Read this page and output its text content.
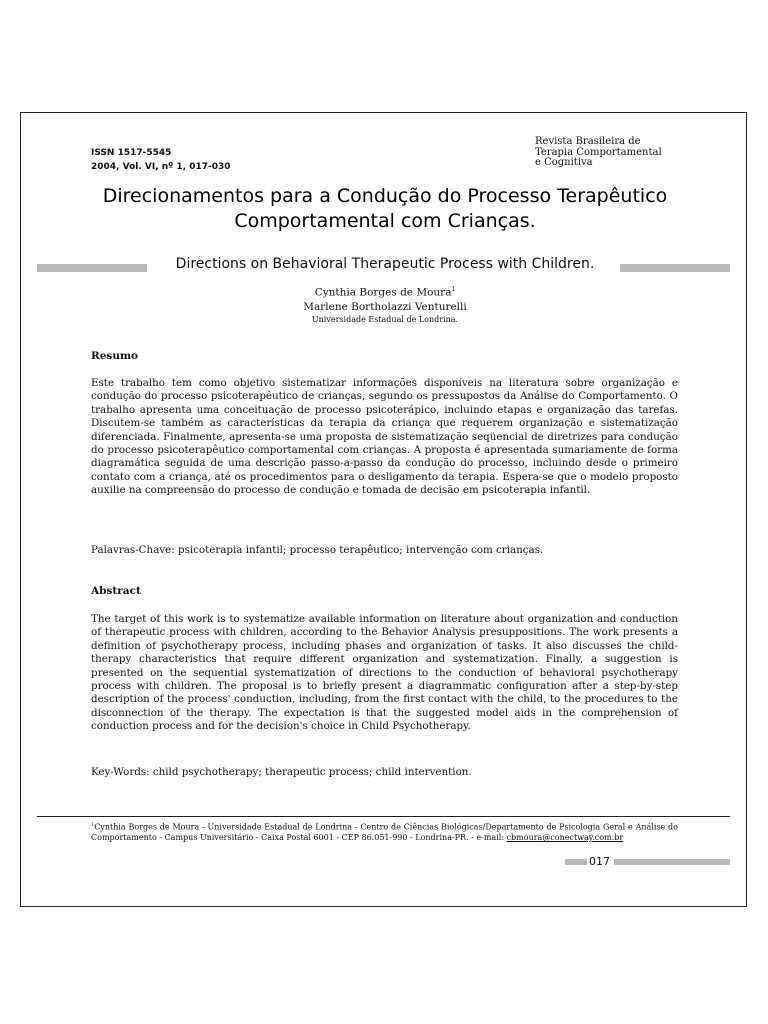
ISSN 1517-5545
2004, Vol. VI, nº 1, 017-030
Revista Brasileira de
Terapia Comportamental
e Cognitiva
Direcionamentos para a Condução do Processo Terapêutico
Comportamental com Crianças.
Directions on Behavioral Therapeutic Process with Children.
Cynthia Borges de Moura$^1$
Marlene Bortholazzi Venturelli
Universidade Estadual de Londrina.
Resumo

Este trabalho tem como objetivo sistematizar informações disponíveis na literatura sobre organização e condução do processo psicoterapêutico de crianças, segundo os pressupostos da Análise do Comportamento. O trabalho apresenta uma conceituação de processo psicoterápico, incluindo etapas e organização das tarefas. Discutem-se também as características da terapia da criança que requerem organização e sistematização diferenciada. Finalmente, apresenta-se uma proposta de sistematização seqüencial de diretrizes para condução do processo psicoterapêutico comportamental com crianças. A proposta é apresentada sumariamente de forma diagramática seguida de uma descrição passo-a-passo da condução do processo, incluindo desde o primeiro contato com a criança, até os procedimentos para o desligamento da terapia. Espera-se que o modelo proposto auxilie na compreensão do processo de condução e tomada de decisão em psicoterapia infantil.

Palavras-Chave: psicoterapia infantil; processo terapêutico; intervenção com crianças.
Abstract

The target of this work is to systematize available information on literature about organization and conduction of therapeutic process with children, according to the Behavior Analysis presuppositions. The work presents a definition of psychotherapy process, including phases and organization of tasks. It also discusses the child-therapy characteristics that require different organization and systematization. Finally, a suggestion is presented on the sequential systematization of directions to the conduction of behavioral psychotherapy process with children. The proposal is to briefly present a diagrammatic configuration after a step-by-step description of the process' conduction, including, from the first contact with the child, to the procedures to the disconnection of the therapy. The expectation is that the suggested model aids in the comprehension of conduction process and for the decision's choice in Child Psychotherapy.

Key-Words: child psychotherapy; therapeutic process; child intervention.
$^1$Cynthia Borges de Moura - Universidade Estadual de Londrina - Centro de Ciências Biológicas/Departamento de Psicologia Geral e Análise do Comportamento - Campus Universitário - Caixa Postal 6001 - CEP 86.051-990 - Londrina-PR. - e-mail: cbmoura@conectway.com.br
017
